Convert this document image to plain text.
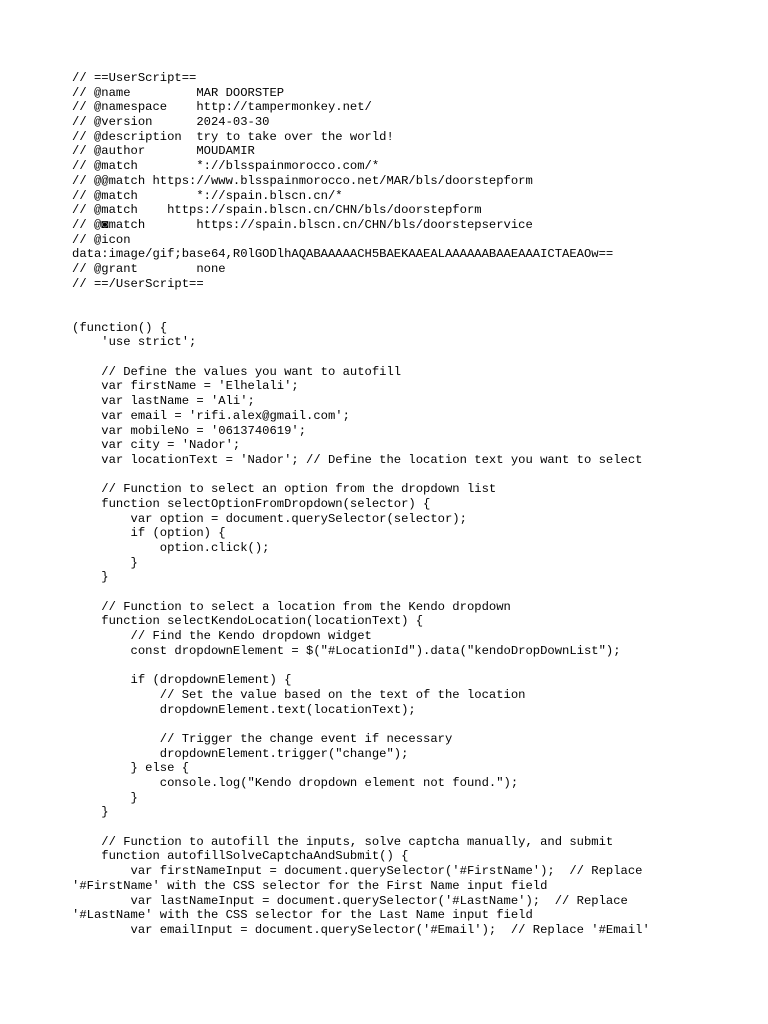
// ==UserScript==
// @name         MAR DOORSTEP
// @namespace    http://tampermonkey.net/
// @version      2024-03-30
// @description  try to take over the world!
// @author       MOUDAMIR
// @match        *://blsspainmorocco.com/*
// @@match https://www.blsspainmorocco.net/MAR/bls/doorstepform
// @match        *://spain.blscn.cn/*
// @match    https://spain.blscn.cn/CHN/bls/doorstepform
// @◙match       https://spain.blscn.cn/CHN/bls/doorstepservice
// @icon
data:image/gif;base64,R0lGODlhAQABAAAAACH5BAEKAAEALAAAAAABAAEAAAICTAEAOw==
// @grant        none
// ==/UserScript==
(function() {
'use strict';
// Define the values you want to autofill
var firstName = 'Elhelali';
var lastName = 'Ali';
var email = 'rifi.alex@gmail.com';
var mobileNo = '0613740619';
var city = 'Nador';
var locationText = 'Nador'; // Define the location text you want to select
// Function to select an option from the dropdown list
function selectOptionFromDropdown(selector) {
var option = document.querySelector(selector);
if (option) {
option.click();
}
}
// Function to select a location from the Kendo dropdown
function selectKendoLocation(locationText) {
// Find the Kendo dropdown widget
const dropdownElement = $("#LocationId").data("kendoDropDownList");
if (dropdownElement) {
// Set the value based on the text of the location
dropdownElement.text(locationText);
// Trigger the change event if necessary
dropdownElement.trigger("change");
} else {
console.log("Kendo dropdown element not found.");
}
}
// Function to autofill the inputs, solve captcha manually, and submit
function autofillSolveCaptchaAndSubmit() {
var firstNameInput = document.querySelector('#FirstName');  // Replace
'#FirstName' with the CSS selector for the First Name input field
var lastNameInput = document.querySelector('#LastName');  // Replace
'#LastName' with the CSS selector for the Last Name input field
var emailInput = document.querySelector('#Email');  // Replace '#Email'
